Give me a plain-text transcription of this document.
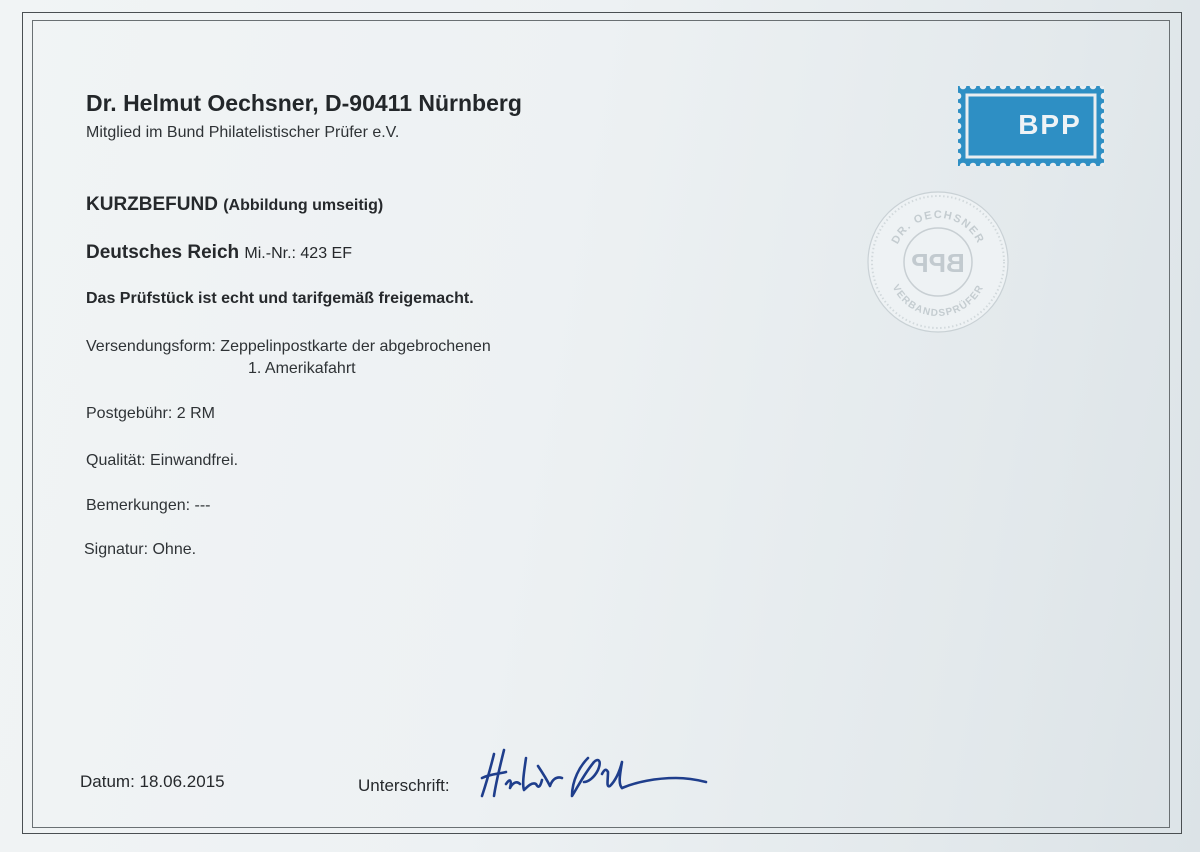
Dr. Helmut Oechsner, D-90411 Nürnberg
Mitglied im Bund Philatelistischer Prüfer e.V.
KURZBEFUND (Abbildung umseitig)
Deutsches Reich Mi.-Nr.: 423 EF
Das Prüfstück ist echt und tarifgemäß freigemacht.
Versendungsform: Zeppelinpostkarte der abgebrochenen
1. Amerikafahrt
Postgebühr: 2 RM
Qualität: Einwandfrei.
Bemerkungen: ---
Signatur: Ohne.
Datum: 18.06.2015	Unterschrift:
BPP
DR. OECHSNER
VERBANDSPRÜFER
BPP
